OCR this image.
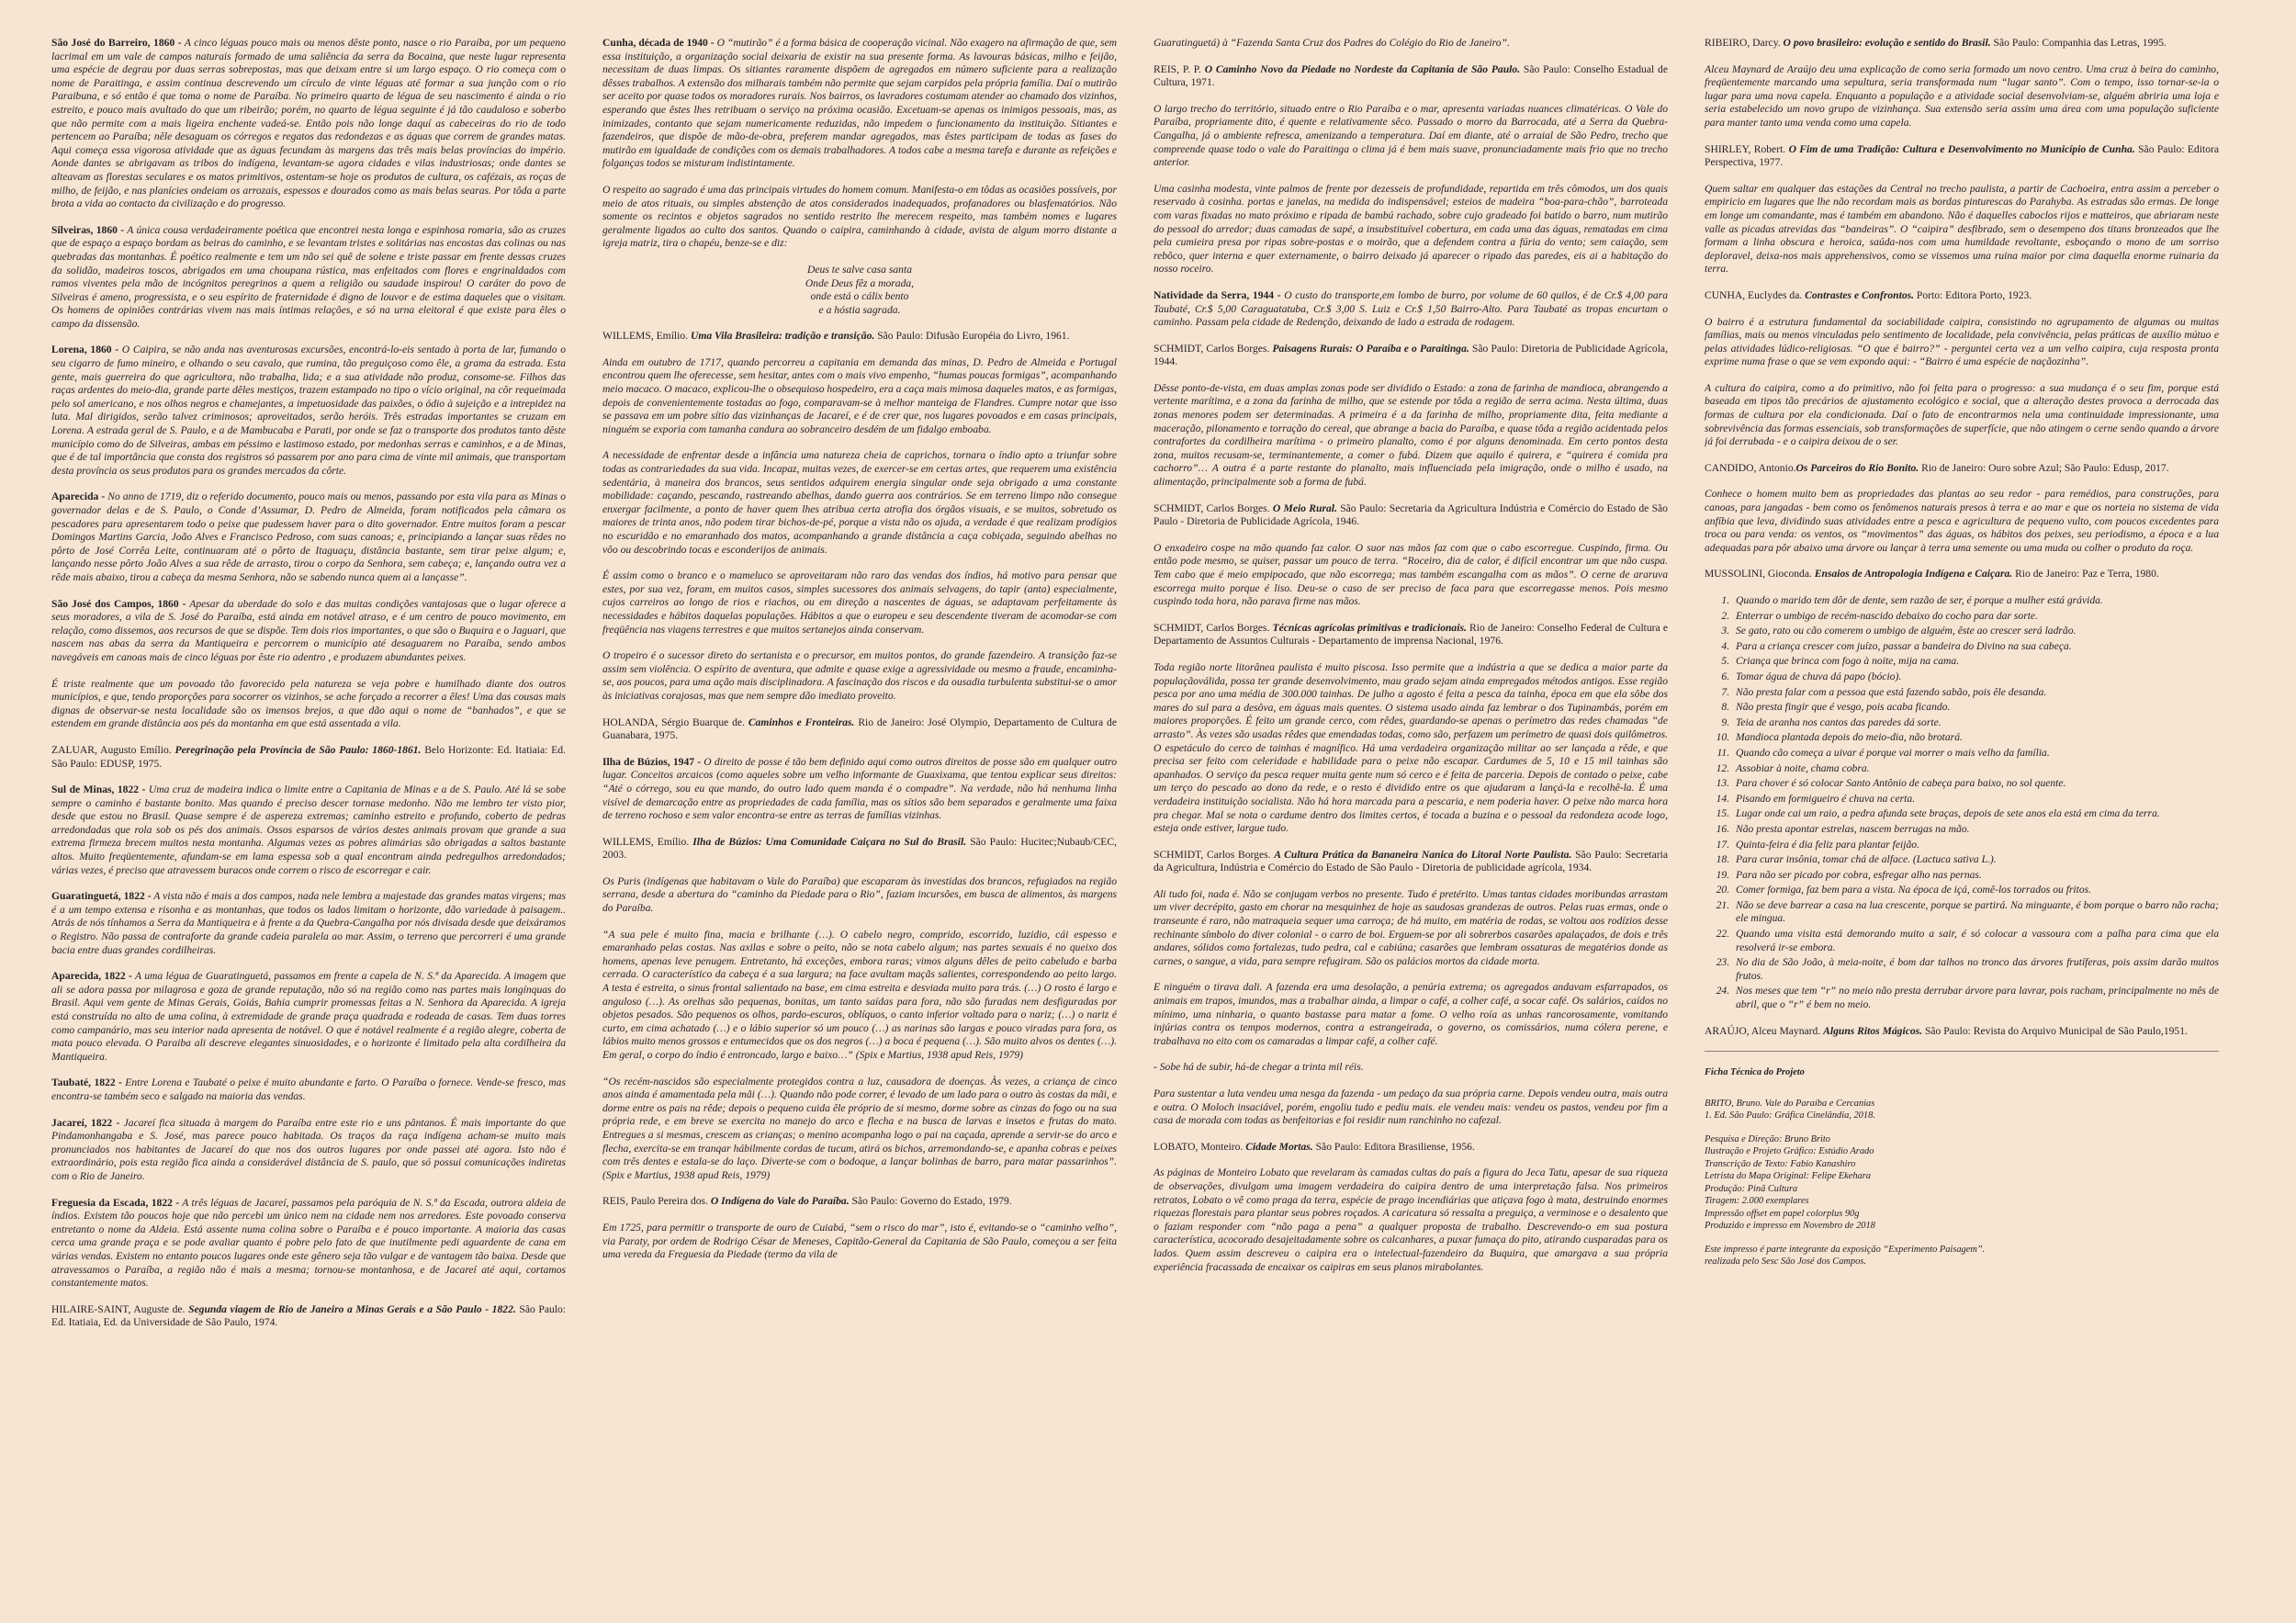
São José do Barreiro, 1860 - A cinco léguas pouco mais ou menos dêste ponto, nasce o rio Paraíba, por um pequeno lacrimal em um vale de campos naturais formado de uma saliência da serra da Bocaina, que neste lugar representa uma espécie de degrau por duas serras sobrepostas, mas que deixam entre si um largo espaço. O rio começa com o nome de Paraitinga, e assim continua descrevendo um círculo de vinte léguas até formar a sua junção com o rio Paraibuna, e só então é que toma o nome de Paraíba. No primeiro quarto de légua de seu nascimento é ainda o rio estreito, e pouco mais avultado do que um ribeirão; porém, no quarto de légua seguinte é já tão caudaloso e soberbo que não permite com a mais ligeira enchente vadeá-se. Então pois não longe daquí as cabeceiras do rio de todo pertencem ao Paraíba; nêle desaguam os córregos e regatos das redondezas e as águas que correm de grandes matas. Aqui começa essa vigorosa atividade que as águas fecundam às margens das três mais belas províncias do império. Aonde dantes se abrigavam as tribos do indígena, levantam-se agora cidades e vilas industriosas; onde dantes se alteavam as florestas seculares e os matos primitivos, ostentam-se hoje os produtos de cultura, os cafézais, as roças de milho, de feijão, e nas planícies ondeiam os arrozais, espessos e dourados como as mais belas searas. Por tôda a parte brota a vida ao contacto da civilização e do progresso.

Silveiras, 1860 - A única cousa verdadeiramente poética que encontrei nesta longa e espinhosa romaria, são as cruzes que de espaço a espaço bordam as beiras do caminho, e se levantam tristes e solitárias nas encostas das colinas ou nas quebradas das montanhas. É poético realmente e tem um não sei quê de solene e triste passar em frente dessas cruzes da solidão, madeiros toscos, abrigados em uma choupana rústica, mas enfeitados com flores e engrinaldados com ramos viventes pela mão de incógnitos peregrinos a quem a religião ou saudade inspirou! O caráter do povo de Silveiras é ameno, progressista, e o seu espírito de fraternidade é digno de louvor e de estima daqueles que o visitam. Os homens de opiniões contrárias vivem nas mais íntimas relações, e só na urna eleitoral é que existe para êles o campo da dissensão.

Lorena, 1860 - O Caipira, se não anda nas aventurosas excursões, encontrá-lo-eis sentado à porta de lar, fumando o seu cigarro de fumo mineiro, e olhando o seu cavalo, que rumina, tão preguiçoso como êle, a grama da estrada. Esta gente, mais guerreira do que agricultora, não trabalha, lida; e a sua atividade não produz, consome-se. Filhos das raças ardentes do meio-dia, grande parte dêles mestiços, trazem estampado no tipo o vício original, na côr requeimada pelo sol americano, e nos olhos negros e chamejantes, a impetuosidade das paixões, o ódio à sujeição e a intrepidez na luta. Mal dirigidos, serão talvez criminosos; aproveitados, serão heróis. Três estradas importantes se cruzam em Lorena. A estrada geral de S. Paulo, e a de Mambucaba e Parati, por onde se faz o transporte dos produtos tanto dêste município como do de Silveiras, ambas em péssimo e lastimoso estado, por medonhas serras e caminhos, e a de Minas, que é de tal importância que consta dos registros só passarem por ano para cima de vinte mil animais, que transportam desta província os seus produtos para os grandes mercados da côrte.

Aparecida - No anno de 1719, diz o referido documento, pouco mais ou menos, passando por esta vila para as Minas o governador delas e de S. Paulo, o Conde d’Assumar, D. Pedro de Almeida, foram notificados pela câmara os pescadores para apresentarem todo o peixe que pudessem haver para o dito governador. Entre muitos foram a pescar Domingos Martins Garcia, João Alves e Francisco Pedroso, com suas canoas; e, principiando a lançar suas rêdes no pôrto de José Corrêa Leite, continuaram até o pôrto de Itaguaçu, distância bastante, sem tirar peixe algum; e, lançando nesse pôrto João Alves a sua rêde de arrasto, tirou o corpo da Senhora, sem cabeça; e, lançando outra vez a rêde mais abaixo, tirou a cabeça da mesma Senhora, não se sabendo nunca quem ai a lançasse”.

São José dos Campos, 1860 - Apesar da uberdade do solo e das muitas condições vantajosas que o lugar oferece a seus moradores, a vila de S. José do Paraíba, está ainda em notável atraso, e é um centro de pouco movimento, em relação, como dissemos, aos recursos de que se dispõe. Tem dois rios importantes, o que são o Buquira e o Jaguari, que nascem nas abas da serra da Mantiqueira e percorrem o município até desaguarem no Paraíba, sendo ambos navegáveis em canoas mais de cinco léguas por êste rio adentro , e produzem abundantes peixes.

É triste realmente que um povoado tão favorecido pela natureza se veja pobre e humilhado diante dos outros municípios, e que, tendo proporções para socorrer os vizinhos, se ache forçado a recorrer a êles! Uma das cousas mais dignas de observar-se nesta localidade são os imensos brejos, a que dão aqui o nome de “banhados”, e que se estendem em grande distância aos pés da montanha em que está assentada a vila.

ZALUAR, Augusto Emílio. Peregrinação pela Província de São Paulo: 1860-1861. Belo Horizonte: Ed. Itatiaia: Ed. São Paulo: EDUSP, 1975.

Sul de Minas, 1822 - Uma cruz de madeira indica o limite entre a Capitania de Minas e a de S. Paulo. Até lá se sobe sempre o caminho é bastante bonito. Mas quando é preciso descer tornase medonho. Não me lembro ter visto pior, desde que estou no Brasil. Quase sempre é de aspereza extremas; caminho estreito e profundo, coberto de pedras arredondadas que rola sob os pés dos animais. Ossos esparsos de vários destes animais provam que grande a sua extrema firmeza brecem muitos nesta montanha. Algumas vezes as pobres alimárias são obrigadas a saltos bastante altos. Muito freqüentemente, afundam-se em lama espessa sob a qual encontram ainda pedregulhos arredondados; várias vezes, é preciso que atravessem buracos onde correm o risco de escorregar e cair.

Guaratinguetá, 1822 - A vista não é mais a dos campos, nada nele lembra a majestade das grandes matas virgens; mas é a um tempo extensa e risonha e as montanhas, que todos os lados limitam o horizonte, dão variedade à paisagem.. Atrás de nós tínhamos a Serra da Mantiqueira e à frente a da Quebra-Cangalha por nós divisada desde que deixáramos o Registro. Não passa de contraforte da grande cadeia paralela ao mar. Assim, o terreno que percorreri é uma grande bacia entre duas grandes cordilheiras.

Aparecida, 1822 - A uma légua de Guaratinguetá, passamos em frente a capela de N. S.ª da Aparecida. A imagem que ali se adora passa por milagrosa e goza de grande reputação, não só na região como nas partes mais longínquas do Brasil. Aqui vem gente de Minas Gerais, Goiás, Bahia cumprir promessas feitas a N. Senhora da Aparecida. A igreja está construída no alto de uma colina, à extremidade de grande praça quadrada e rodeada de casas. Tem duas torres como campanário, mas seu interior nada apresenta de notável. O que é notável realmente é a região alegre, coberta de mata pouco elevada. O Paraiba ali descreve elegantes sinuosidades, e o horizonte é limitado pela alta cordilheira da Mantiqueira.

Taubaté, 1822 - Entre Lorena e Taubaté o peixe é muito abundante e farto. O Paraíba o fornece. Vende-se fresco, mas encontra-se também seco e salgado na maioria das vendas.

Jacareí, 1822 - Jacareí fica situada à margem do Paraíba entre este rio e uns pântanos. É mais importante do que Pindamonhangaba e S. José, mas parece pouco habitada. Os traços da raça indígena acham-se muito mais pronunciados nos habitantes de Jacareí do que nos dos outros lugares por onde passei até agora. Isto não é extraordinário, pois esta região fica ainda a considerável distância de S. paulo, que só possui comunicações indiretas com o Rio de Janeiro.

Freguesia da Escada, 1822 - A três léguas de Jacareí, passamos pela paróquia de N. S.ª da Escada, outrora aldeia de índios. Existem tão poucos hoje que não percebi um único nem na cidade nem nos arredores. Este povoado conserva entretanto o nome da Aldeia. Está assente numa colina sobre o Paraíba e é pouco importante. A maioria das casas cerca uma grande praça e se pode avaliar quanto é pobre pelo fato de que inutilmente pedi aguardente de cana em várias vendas. Existem no entanto poucos lugares onde este gênero seja tão vulgar e de vantagem tão baixa. Desde que atravessamos o Paraíba, a região não é mais a mesma; tornou-se montanhosa, e de Jacareí até aqui, cortamos constantemente matos.

HILAIRE-SAINT, Auguste de. Segunda viagem de Rio de Janeiro a Minas Gerais e a São Paulo - 1822. São Paulo: Ed. Itatiaia, Ed. da Universidade de São Paulo, 1974.

Cunha, década de 1940 - O “mutirão” é a forma básica de cooperação vicinal. Não exagero na afirmação de que, sem essa instituição, a organização social deixaria de existir na sua presente forma. As lavouras básicas, milho e feijão, necessitam de duas limpas. Os sitiantes raramente dispõem de agregados em número suficiente para a realização dêsses trabalhos. A extensão dos milharais também não permite que sejam carpidos pela própria família. Daí o mutirão ser aceito por quase todos os moradores rurais. Nos bairros, os lavradores costumam atender ao chamado dos vizinhos, esperando que êstes lhes retribuam o serviço na próxima ocasião. Excetuam-se apenas os inimigos pessoais, mas, as inimizades, contanto que sejam numericamente reduzidas, não impedem o funcionamento da instituição. Sitiantes e fazendeiros, que dispõe de mão-de-obra, preferem mandar agregados, mas êstes participam de todas as fases do mutirão em igualdade de condições com os demais trabalhadores. A todos cabe a mesma tarefa e durante as refeições e folganças todos se misturam indistintamente.

O respeito ao sagrado é uma das principais virtudes do homem comum. Manifesta-o em tôdas as ocasiões possíveis, por meio de atos rituais, ou simples abstenção de atos considerados inadequados, profanadores ou blasfematórios. Não somente os recintos e objetos sagrados no sentido restrito lhe merecem respeito, mas também nomes e lugares geralmente ligados ao culto dos santos. Quando o caipira, caminhando à cidade, avista de algum morro distante a igreja matriz, tira o chapéu, benze-se e diz:

Deus te salve casa santa
Onde Deus fêz a morada,
onde está o cálix bento
e a hóstia sagrada.

WILLEMS, Emílio. Uma Vila Brasileira: tradição e transição. São Paulo: Difusão Européia do Livro, 1961.

Ainda em outubro de 1717, quando percorreu a capitania em demanda das minas, D. Pedro de Almeida e Portugal encontrou quem lhe oferecesse, sem hesitar, antes com o mais vivo empenho, “humas poucas formigas”, acompanhando meio macaco. O macaco, explicou-lhe o obsequioso hospedeiro, era a caça mais mimosa daqueles matos, e as formigas, depois de convenientemente tostadas ao fogo, comparavam-se à melhor manteiga de Flandres. Cumpre notar que isso se passava em um pobre sítio das vizinhanças de Jacareí, e é de crer que, nos lugares povoados e em casas principais, ninguém se exporia com tamanha candura ao sobranceiro desdém de um fidalgo emboaba.

A necessidade de enfrentar desde a infância uma natureza cheia de caprichos, tornara o índio apto a triunfar sobre todas as contrariedades da sua vida. Incapaz, muitas vezes, de exercer-se em certas artes, que requerem uma existência sedentária, à maneira dos brancos, seus sentidos adquirem energia singular onde seja obrigado a uma constante mobilidade: caçando, pescando, rastreando abelhas, dando guerra aos contrários. Se em terreno limpo não consegue enxergar facilmente, a ponto de haver quem lhes atribua certa atrofia dos órgãos visuais, e se muitos, sobretudo os maiores de trinta anos, não podem tirar bichos-de-pé, porque a vista não os ajuda, a verdade é que realizam prodígios no escuridão e no emaranhado dos matos, acompanhando a grande distância a caça cobiçada, seguindo abelhas no vôo ou descobrindo tocas e esconderijos de animais.

É assim como o branco e o mameluco se aproveitaram não raro das vendas dos índios, há motivo para pensar que estes, por sua vez, foram, em muitos casos, simples sucessores dos animais selvagens, do tapir (anta) especialmente, cujos carreiros ao longo de rios e riachos, ou em direção a nascentes de águas, se adaptavam perfeitamente às necessidades e hábitos daquelas populações. Hábitos a que o europeu e seu descendente tiveram de acomodar-se com freqüência nas viagens terrestres e que muitos sertanejos ainda conservam.

O tropeiro é o sucessor direto do sertanista e o precursor, em muitos pontos, do grande fazendeiro. A transição faz-se assim sem violência. O espírito de aventura, que admite e quase exige a agressividade ou mesmo a fraude, encaminha-se, aos poucos, para uma ação mais disciplinadora. A fascinação dos riscos e da ousadia turbulenta substitui-se o amor às iniciativas corajosas, mas que nem sempre dão imediato proveito.

HOLANDA, Sérgio Buarque de. Caminhos e Fronteiras. Rio de Janeiro: José Olympio, Departamento de Cultura de Guanabara, 1975.

Ilha de Búzios, 1947 - O direito de posse é tão bem definido aqui como outros direitos de posse são em qualquer outro lugar. Conceitos arcaicos (como aqueles sobre um velho informante de Guaxixama, que tentou explicar seus direitos: “Até o córrego, sou eu que mando, do outro lado quem manda é o compadre”. Na verdade, não há nenhuma linha visível de demarcação entre as propriedades de cada família, mas os sítios são bem separados e geralmente uma faixa de terreno rochoso e sem valor encontra-se entre as terras de famílias vizinhas.

WILLEMS, Emílio. Ilha de Búzios: Uma Comunidade Caiçara no Sul do Brasil. São Paulo: Hucitec;Nubaub/CEC, 2003.

Os Puris (indígenas que habitavam o Vale do Paraíba) que escaparam às investidas dos brancos, refugiados na região serrana, desde a abertura do “caminho da Piedade para o Rio”, faziam incursões, em busca de alimentos, às margens do Paraíba.

“A sua pele é muito fina, macia e brilhante (…). O cabelo negro, comprido, escorrido, luzidio, cái espesso e emaranhado pelas costas. Nas axilas e sobre o peito, não se nota cabelo algum; nas partes sexuais é no queixo dos homens, apenas leve penugem. Entretanto, há exceções, embora raras; vimos alguns dêles de peito cabeludo e barba cerrada. O característico da cabeça é a sua largura; na face avultam maçãs salientes, correspondendo ao peito largo. A testa é estreita, o sinus frontal salientado na base, em cima estreita e desviada muito para trás. (…) O rosto é largo e anguloso (…). As orelhas são pequenas, bonitas, um tanto saídas para fora, não são furadas nem desfiguradas por objetos pesados. São pequenos os olhos, pardo-escuros, oblíquos, o canto inferior voltado para o nariz; (…) o nariz é curto, em cima achatado (…) e o lábio superior só um pouco (…) as narinas são largas e pouco viradas para fora, os lábios muito menos grossos e entumecidos que os dos negros (…) a boca é pequena (…). São muito alvos os dentes (…). Em geral, o corpo do índio é entroncado, largo e baixo…” (Spix e Martius, 1938 apud Reis, 1979)

“Os recém-nascidos são especialmente protegidos contra a luz, causadora de doenças. Às vezes, a criança de cinco anos ainda é amamentada pela mãi (…). Quando não pode correr, é levado de um lado para o outro às costas da mãi, e dorme entre os pais na rêde; depois o pequeno cuida êle próprio de si mesmo, dorme sobre as cinzas do fogo ou na sua própria rede, e em breve se exercita no manejo do arco e flecha e na busca de larvas e insetos e frutas do mato. Entregues a si mesmas, crescem as crianças; o menino acompanha logo o pai na caçada, aprende a servir-se do arco e flecha, exercita-se em tranqar hábilmente cordas de tucum, atirá os bichos, arremondando-se, e apanha cobras e peixes com três dentes e estala-se do laço. Diverte-se com o bodoque, a lançar bolinhas de barro, para matar passarinhos”. (Spix e Martius, 1938 apud Reis, 1979)

REIS, Paulo Pereira dos. O Indígena do Vale do Paraíba. São Paulo: Governo do Estado, 1979.

Em 1725, para permitir o transporte de ouro de Cuiabá, “sem o risco do mar”, isto é, evitando-se o “caminho velho”, via Paraty, por ordem de Rodrigo César de Meneses, Capitão-General da Capitania de São Paulo, começou a ser feita uma vereda da Freguesia da Piedade (termo da vila de

Guaratinguetá) à “Fazenda Santa Cruz dos Padres do Colégio do Rio de Janeiro”.

REIS, P. P. O Caminho Novo da Piedade no Nordeste da Capitania de São Paulo. São Paulo: Conselho Estadual de Cultura, 1971.

O largo trecho do território, situado entre o Rio Paraíba e o mar, apresenta variadas nuances climatéricas. O Vale do Paraíba, propriamente dito, é quente e relativamente sêco. Passado o morro da Barrocada, até a Serra da Quebra-Cangalha, já o ambiente refresca, amenizando a temperatura. Daí em diante, até o arraial de São Pedro, trecho que compreende quase todo o vale do Paraitinga o clima já é bem mais suave, pronunciadamente mais frio que no trecho anterior.

Uma casinha modesta, vinte palmos de frente por dezesseis de profundidade, repartida em três cômodos, um dos quais reservado à cosinha. portas e janelas, na medida do indispensável; esteios de madeira “boa-para-chão”, barroteada com varas fixadas no mato próximo e ripada de bambú rachado, sobre cujo gradeado foi batido o barro, num mutirão do pessoal do arredor; duas camadas de sapé, a insubstituível cobertura, em cada uma das águas, rematadas em cima pela cumieira presa por ripas sobre-postas e o moirão, que a defendem contra a fúria do vento; sem caiação, sem rebôco, quer interna e quer externamente, o bairro deixado já aparecer o ripado das paredes, eis ai a habitação do nosso roceiro.

Natividade da Serra, 1944 - O custo do transporte,em lombo de burro, por volume de 60 quilos, é de Cr.$ 4,00 para Taubaté, Cr.$ 5,00 Caraguatatuba, Cr.$ 3,00 S. Luiz e Cr.$ 1,50 Bairro-Alto. Para Taubaté as tropas encurtam o caminho. Passam pela cidade de Redenção, deixando de lado a estrada de rodagem.

SCHMIDT, Carlos Borges. Paisagens Rurais: O Paraíba e o Paraitinga. São Paulo: Diretoria de Publicidade Agrícola, 1944.

Dêsse ponto-de-vista, em duas amplas zonas pode ser dividido o Estado: a zona de farinha de mandioca, abrangendo a vertente marítima, e a zona da farinha de milho, que se estende por tôda a região de serra acima. Nesta última, duas zonas menores podem ser determinadas. A primeira é a da farinha de milho, propriamente dita, feita mediante a maceração, pilonamento e torração do cereal, que abrange a bacia do Paraíba, e quase tôda a região acidentada pelos contrafortes da cordilheira marítima - o primeiro planalto, como é por alguns denominada. Em certo pontos desta zona, muitos recusam-se, terminantemente, a comer o fubá. Dizem que aquilo é quirera, e “quirera é comida pra cachorro”… A outra é a parte restante do planalto, mais influenciada pela imigração, onde o milho é usado, na alimentação, principalmente sob a forma de fubá.

SCHMIDT, Carlos Borges. O Meio Rural. São Paulo: Secretaria da Agricultura Indústria e Comércio do Estado de São Paulo - Diretoria de Publicidade Agrícola, 1946.

O enxadeiro cospe na mão quando faz calor. O suor nas mãos faz com que o cabo escorregue. Cuspindo, firma. Ou então pode mesmo, se quiser, passar um pouco de terra. “Roceiro, dia de calor, é difícil encontrar um que não cuspa. Tem cabo que é meio empipocado, que não escorrega; mas também escangalha com as mãos”. O cerne de araruva escorrega muito porque é liso. Deu-se o caso de ser preciso de faca para que escorregasse menos. Pois mesmo cuspindo toda hora, não parava firme nas mãos.

SCHMIDT, Carlos Borges. Técnicas agrícolas primitivas e tradicionais. Rio de Janeiro: Conselho Federal de Cultura e Departamento de Assuntos Culturais - Departamento de imprensa Nacional, 1976.

Toda região norte litorânea paulista é muito piscosa. Isso permite que a indústria a que se dedica a maior parte da populaçãoválida, possa ter grande desenvolvimento, mau grado sejam ainda empregados métodos antigos. Esse região pesca por ano uma média de 300.000 tainhas. De julho a agosto é feita a pesca da tainha, época em que ela sôbe dos mares do sul para a desôva, em águas mais quentes. O sistema usado ainda faz lembrar o dos Tupinambás, porém em maiores proporções. É feito um grande cerco, com rêdes, guardando-se apenas o perímetro das redes chamadas “de arrasto”. Às vezes são usadas rêdes que emendadas todas, como são, perfazem um perímetro de quasi dois quilômetros. O espetáculo do cerco de tainhas é magnífico. Há uma verdadeira organização militar ao ser lançada a rêde, e que precisa ser feito com celeridade e habilidade para o peixe não escapar. Cardumes de 5, 10 e 15 mil tainhas são apanhados. O serviço da pesca requer muita gente num só cerco e é feita de parceria. Depois de contado o peixe, cabe um terço do pescado ao dono da rede, e o resto é dividido entre os que ajudaram a lançá-la e recolhê-la. É uma verdadeira instituição socialista. Não há hora marcada para a pescaria, e nem poderia haver. O peixe não marca hora pra chegar. Mal se nota o cardume dentro dos limites certos, é tocada a buzina e o pessoal da redondeza acode logo, esteja onde estiver, largue tudo.

SCHMIDT, Carlos Borges. A Cultura Prática da Bananeira Nanica do Litoral Norte Paulista. São Paulo: Secretaria da Agricultura, Indústria e Comércio do Estado de São Paulo - Diretoria de publicidade agrícola, 1934.

Ali tudo foi, nada é. Não se conjugam verbos no presente. Tudo é pretérito. Umas tantas cidades moribundas arrastam um viver decrépito, gasto em chorar na mesquinhez de hoje as saudosas grandezas de outros. Pelas ruas ermas, onde o transeunte é raro, não matraqueia sequer uma carroça; de há muito, em matéria de rodas, se voltou aos rodízios desse rechinante símbolo do diver colonial - o carro de boi. Erguem-se por ali sobrerbos casarões apalaçados, de dois e três andares, sólidos como fortalezas, tudo pedra, cal e cabiúna; casarões que lembram ossaturas de megatérios donde as carnes, o sangue, a vida, para sempre refugiram. São os palácios mortos da cidade morta.

E ninguém o tirava dali. A fazenda era uma desolação, a penúria extrema; os agregados andavam esfarrapados, os animais em trapos, imundos, mas a trabalhar ainda, a limpar o café, a colher café, a socar café. Os salários, caídos no mínimo, uma ninharia, o quanto bastasse para matar a fome. O velho roía as unhas rancorosamente, vomitando injúrias contra os tempos modernos, contra a estrangeirada, o governo, os comissários, numa cólera perene, e trabalhava no eito com os camaradas a limpar café, a colher café.

- Sobe há de subir, há-de chegar a trinta mil réis.

Para sustentar a luta vendeu uma nesga da fazenda - um pedaço da sua própria carne. Depois vendeu outra, mais outra e outra. O Moloch insaciável, porém, engoliu tudo e pediu mais. ele vendeu mais: vendeu os pastos, vendeu por fim a casa de morada com todas as benfeitorias e foi residir num ranchinho no cafezal.

LOBATO, Monteiro. Cidade Mortas. São Paulo: Editora Brasiliense, 1956.

As páginas de Monteiro Lobato que revelaram às camadas cultas do país a figura do Jeca Tatu, apesar de sua riqueza de observações, divulgam uma imagem verdadeira do caipira dentro de uma interpretação falsa. Nos primeiros retratos, Lobato o vê como praga da terra, espécie de prago incendiárias que atiçava fogo à mata, destruindo enormes riquezas florestais para plantar seus pobres roçados. A caricatura só ressalta a preguiça, a verminose e o desalento que o faziam responder com “não paga a pena” a qualquer proposta de trabalho. Descrevendo-o em sua postura característica, acocorado desajeitadamente sobre os calcanhares, a puxar fumaça do pito, atirando cusparadas para os lados. Quem assim descreveu o caipira era o intelectual-fazendeiro da Buquira, que amargava a sua própria experiência fracassada de encaixar os caipiras em seus planos mirabolantes.

RIBEIRO, Darcy. O povo brasileiro: evolução e sentido do Brasil. São Paulo: Companhia das Letras, 1995.

Alceu Maynard de Araújo deu uma explicação de como seria formado um novo centro. Uma cruz à beira do caminho, freqüentemente marcando uma sepultura, seria transformada num “lugar santo”. Com o tempo, isso tornar-se-ia o lugar para uma nova capela. Enquanto a população e a atividade social desenvolviam-se, alguém abriria uma loja e seria estabelecido um novo grupo de vizinhança. Sua extensão seria assim uma área com uma população suficiente para manter tanto uma venda como uma capela.

SHIRLEY, Robert. O Fim de uma Tradição: Cultura e Desenvolvimento no Município de Cunha. São Paulo: Editora Perspectiva, 1977.

Quem saltar em qualquer das estações da Central no trecho paulista, a partir de Cachoeira, entra assim a perceber o empiricio em lugares que lhe não recordam mais as bordas pinturescas do Parahyba. As estradas são ermas. De longe em longe um comandante, mas é também em abandono. Não é daquelles caboclos rijos e matteiros, que abriaram neste valle as picadas atrevidas das “bandeiras”. O “caipira” desfibrado, sem o desempeno dos titans bronzeados que lhe formam a linha obscura e heroica, saúda-nos com uma humildade revoltante, esboçando o mono de um sorriso deploravel, deixa-nos mais apprehensivos, como se vissemos uma ruina maior por cima daquella enorme ruinaria da terra.

CUNHA, Euclydes da. Contrastes e Confrontos. Porto: Editora Porto, 1923.

O bairro é a estrutura fundamental da sociabilidade caipira, consistindo no agrupamento de algumas ou muitas famílias, mais ou menos vinculadas pelo sentimento de localidade, pela convivência, pelas práticas de auxílio mútuo e pelas atividades lúdico-religiosas. “O que é bairro?” - perguntei certa vez a um velho caipira, cuja resposta pronta exprime numa frase o que se vem expondo aqui: - “Bairro é uma espécie de naçãozinha”.

A cultura do caipira, como a do primitivo, não foi feita para o progresso: a sua mudança é o seu fim, porque está baseada em tipos tão precários de ajustamento ecológico e social, que a alteração destes provoca a derrocada das formas de cultura por ela condicionada. Daí o fato de encontrarmos nela uma continuidade impressionante, uma sobrevivência das formas essenciais, sob transformações de superfície, que não atingem o cerne senão quando a árvore já foi derrubada - e o caipira deixou de o ser.

CANDIDO, Antonio.Os Parceiros do Rio Bonito. Rio de Janeiro: Ouro sobre Azul; São Paulo: Edusp, 2017.

Conhece o homem muito bem as propriedades das plantas ao seu redor - para remédios, para construções, para canoas, para jangadas - bem como os fenômenos naturais presos à terra e ao mar e que os norteia no sistema de vida anfíbia que leva, dividindo suas atividades entre a pesca e agricultura de pequeno vulto, com poucos excedentes para troca ou para venda: os ventos, os “movimentos” das águas, os hábitos dos peixes, seu periodismo, a época e a lua adequadas para pôr abaixo uma árvore ou lançar à terra uma semente ou uma muda ou colher o produto da roça.

MUSSOLINI, Gioconda. Ensaios de Antropologia Indígena e Caiçara. Rio de Janeiro: Paz e Terra, 1980.

1. Quando o marido tem dôr de dente, sem razão de ser, é porque a mulher está grávida.
2. Enterrar o umbigo de recém-nascido debaixo do cocho para dar sorte.
3. Se gato, rato ou cão comerem o umbigo de alguém, êste ao crescer será ladrão.
4. Para a criança crescer com juízo, passar a bandeira do Divino na sua cabeça.
5. Criança que brinca com fogo à noite, mija na cama.
6. Tomar água de chuva dá papo (bócio).
7. Não presta falar com a pessoa que está fazendo sabão, pois êle desanda.
8. Não presta fingir que é vesgo, pois acaba ficando.
9. Teia de aranha nos cantos das paredes dá sorte.
10. Mandioca plantada depois do meio-dia, não brotará.
11. Quando cão começa a uivar é porque vai morrer o mais velho da família.
12. Assobiar à noite, chama cobra.
13. Para chover é só colocar Santo Antônio de cabeça para baixo, no sol quente.
14. Pisando em formigueiro é chuva na certa.
15. Lugar onde cai um raio, a pedra afunda sete braças, depois de sete anos ela está em cima da terra.
16. Não presta apontar estrelas, nascem berrugas na mão.
17. Quinta-feira é dia feliz para plantar feijão.
18. Para curar insônia, tomar chá de alface. (Lactuca sativa L.).
19. Para não ser picado por cobra, esfregar alho nas pernas.
20. Comer formiga, faz bem para a vista. Na época de içá, comê-los torrados ou fritos.
21. Não se deve barrear a casa na lua crescente, porque se partirá. Na minguante, é bom porque o barro não racha; ele mingua.
22. Quando uma visita está demorando muito a sair, é só colocar a vassoura com a palha para cima que ela resolverá ir-se embora.
23. No dia de São João, à meia-noite, é bom dar talhos no tronco das árvores frutíferas, pois assim darão muitos frutos.
24. Nos meses que tem “r” no meio não presta derrubar árvore para lavrar, pois racham, principalmente no mês de abril, que o “r” é bem no meio.

ARAÚJO, Alceu Maynard. Alguns Ritos Mágicos. São Paulo: Revista do Arquivo Municipal de São Paulo,1951.

Ficha Técnica do Projeto
BRITO, Bruno. Vale do Paraíba e Cercanias
1. Ed. São Paulo: Gráfica Cinelândia, 2018.
Pesquisa e Direção: Bruno Brito
Ilustração e Projeto Gráfico: Estúdio Arado
Transcrição de Texto: Fabio Kanashiro
Letrista do Mapa Original: Felipe Ekehara
Produção: Pinã Cultura
Tiragem: 2.000 exemplares
Impressão offset em papel colorplus 90g
Produzido e impresso em Novembro de 2018
Este impresso é parte integrante da exposição “Experimento Paisagem”.
realizada pelo Sesc São José dos Campos.
